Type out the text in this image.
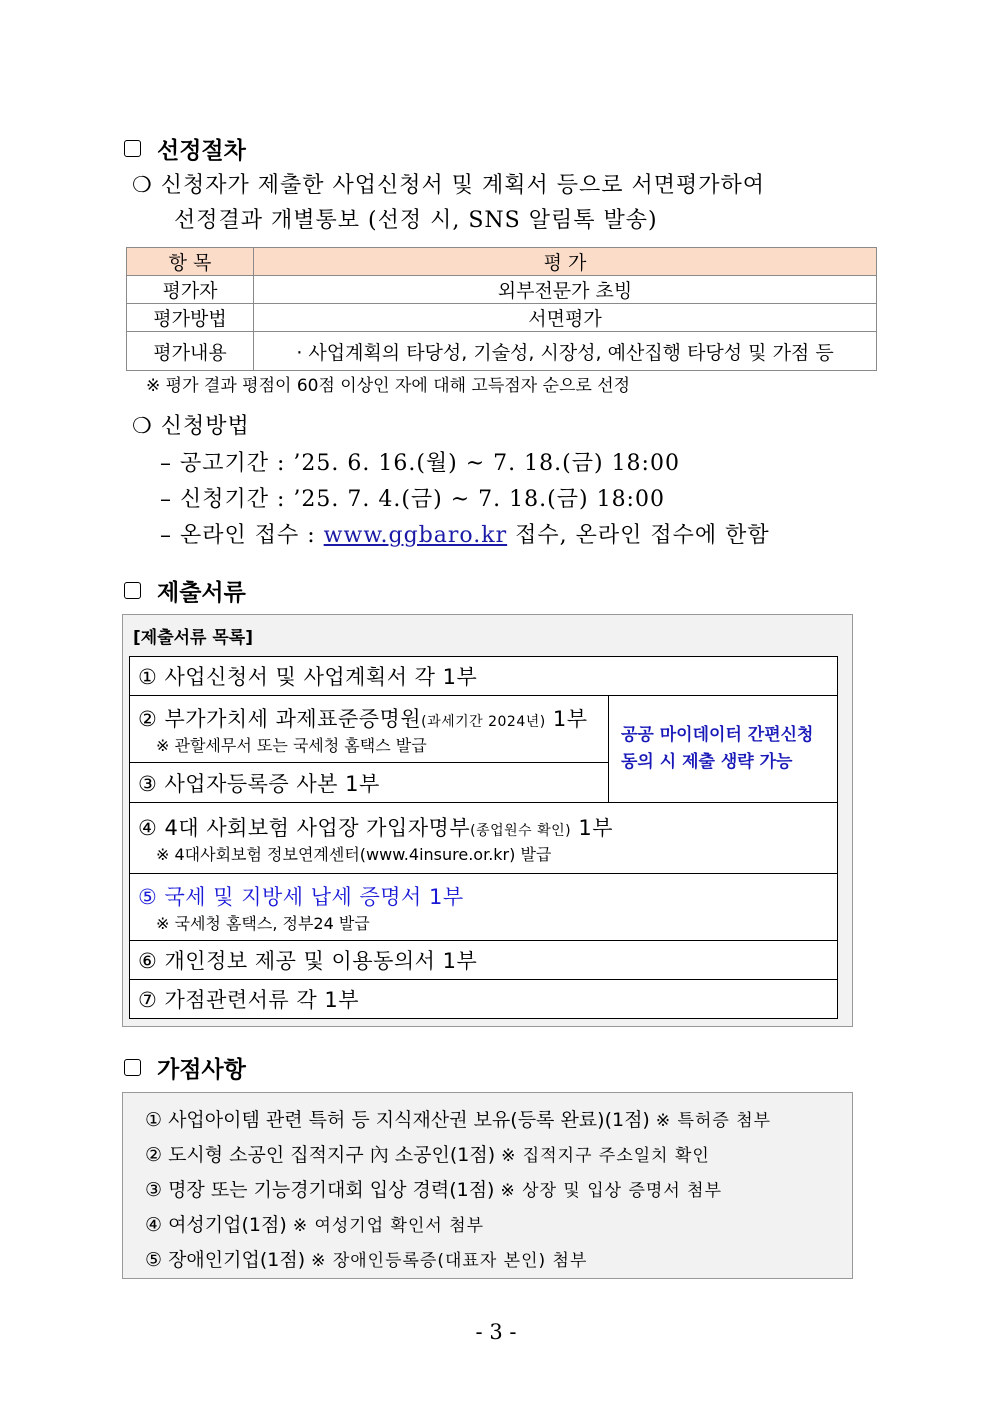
선정절차
❍ 신청자가 제출한 사업신청서 및 계획서 등으로 서면평가하여
선정결과 개별통보 (선정 시, SNS 알림톡 발송)
항 목	평 가
평가자	외부전문가 초빙
평가방법	서면평가
평가내용	· 사업계획의 타당성, 기술성, 시장성, 예산집행 타당성 및 가점 등
※ 평가 결과 평점이 60점 이상인 자에 대해 고득점자 순으로 선정
❍ 신청방법
– 공고기간 : ’25. 6. 16.(월) ~ 7. 18.(금) 18:00
– 신청기간 : ’25. 7. 4.(금) ~ 7. 18.(금) 18:00
– 온라인 접수 : www.ggbaro.kr 접수, 온라인 접수에 한함
제출서류
[제출서류 목록]
① 사업신청서 및 사업계획서 각 1부

② 부가가치세 과제표준증명원(과세기간 2024년) 1부
※ 관할세무서 또는 국세청 홈택스 발급	공공 마이데이터 간편신청
동의 시 제출 생략 가능

③ 사업자등록증 사본 1부

④ 4대 사회보험 사업장 가입자명부(종업원수 확인) 1부
※ 4대사회보험 정보연계센터(www.4insure.or.kr) 발급

⑤ 국세 및 지방세 납세 증명서 1부
※ 국세청 홈택스, 정부24 발급

⑥ 개인정보 제공 및 이용동의서 1부
⑦ 가점관련서류 각 1부
가점사항
① 사업아이템 관련 특허 등 지식재산권 보유(등록 완료)(1점) ※ 특허증 첨부
② 도시형 소공인 집적지구 內 소공인(1점) ※ 집적지구 주소일치 확인
③ 명장 또는 기능경기대회 입상 경력(1점) ※ 상장 및 입상 증명서 첨부
④ 여성기업(1점) ※ 여성기업 확인서 첨부
⑤ 장애인기업(1점) ※ 장애인등록증(대표자 본인) 첨부
- 3 -
